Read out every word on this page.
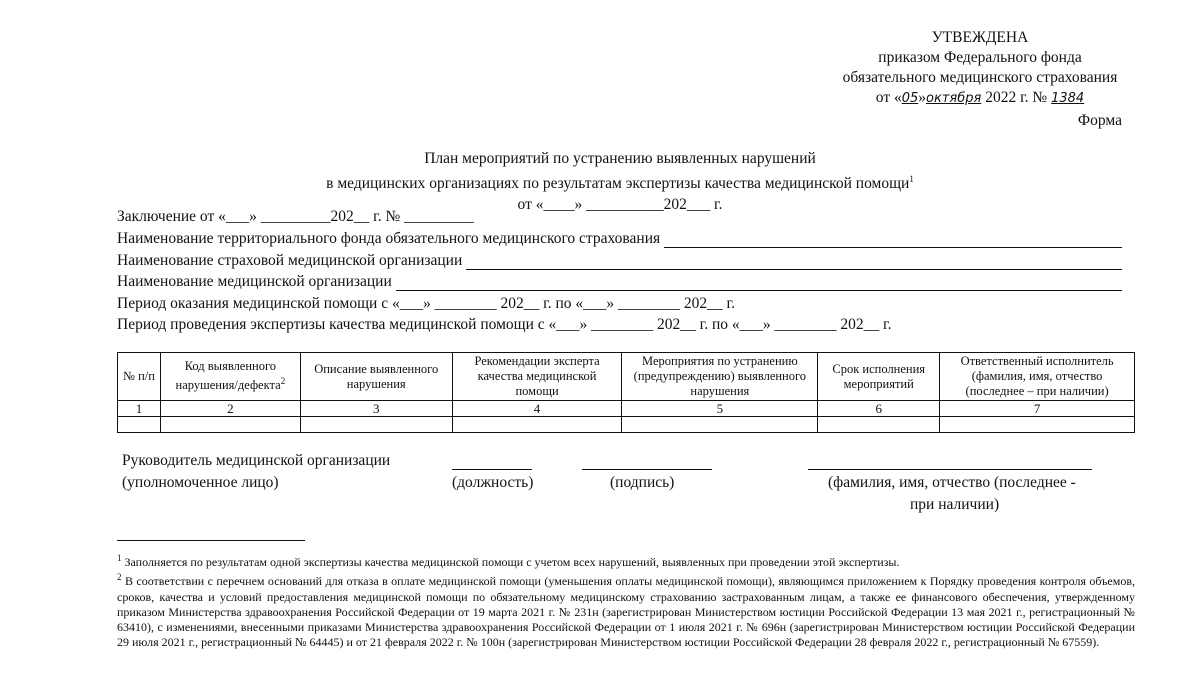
УТВЕЖДЕНА
приказом Федерального фонда
обязательного медицинского страхования
от «05»октября 2022 г. № 1384
Форма
План мероприятий по устранению выявленных нарушений
в медицинских организациях по результатам экспертизы качества медицинской помощи$^1$
от «____» __________202___ г.
Заключение от «___» _________202__ г. № _________
Наименование территориального фонда обязательного медицинского страхования
Наименование страховой медицинской организации
Наименование медицинской организации
Период оказания медицинской помощи с «___» ________ 202__ г. по «___» ________ 202__ г.
Период проведения экспертизы качества медицинской помощи с «___» ________ 202__ г. по «___» ________ 202__ г.
№ п/п	Код выявленного нарушения/дефекта$^2$	Описание выявленного нарушения	Рекомендации эксперта качества медицинской помощи	Мероприятия по устранению (предупреждению) выявленного нарушения	Срок исполнения мероприятий	Ответственный исполнитель (фамилия, имя, отчество (последнее – при наличии)
1	2	3	4	5	6	7

Руководитель медицинской организации
(уполномоченное лицо)	(должность)	(подпись)	(фамилия, имя, отчество (последнее -
при наличии)

$^1$ Заполняется по результатам одной экспертизы качества медицинской помощи с учетом всех нарушений, выявленных при проведении этой экспертизы.

$^2$ В соответствии с перечнем оснований для отказа в оплате медицинской помощи (уменьшения оплаты медицинской помощи), являющимся приложением к Порядку проведения контроля объемов, сроков, качества и условий предоставления медицинской помощи по обязательному медицинскому страхованию застрахованным лицам, а также ее финансового обеспечения, утвержденному приказом Министерства здравоохранения Российской Федерации от 19 марта 2021 г. № 231н (зарегистрирован Министерством юстиции Российской Федерации 13 мая 2021 г., регистрационный № 63410), с изменениями, внесенными приказами Министерства здравоохранения Российской Федерации от 1 июля 2021 г. № 696н (зарегистрирован Министерством юстиции Российской Федерации 29 июля 2021 г., регистрационный № 64445) и от 21 февраля 2022 г. № 100н (зарегистрирован Министерством юстиции Российской Федерации 28 февраля 2022 г., регистрационный № 67559).
